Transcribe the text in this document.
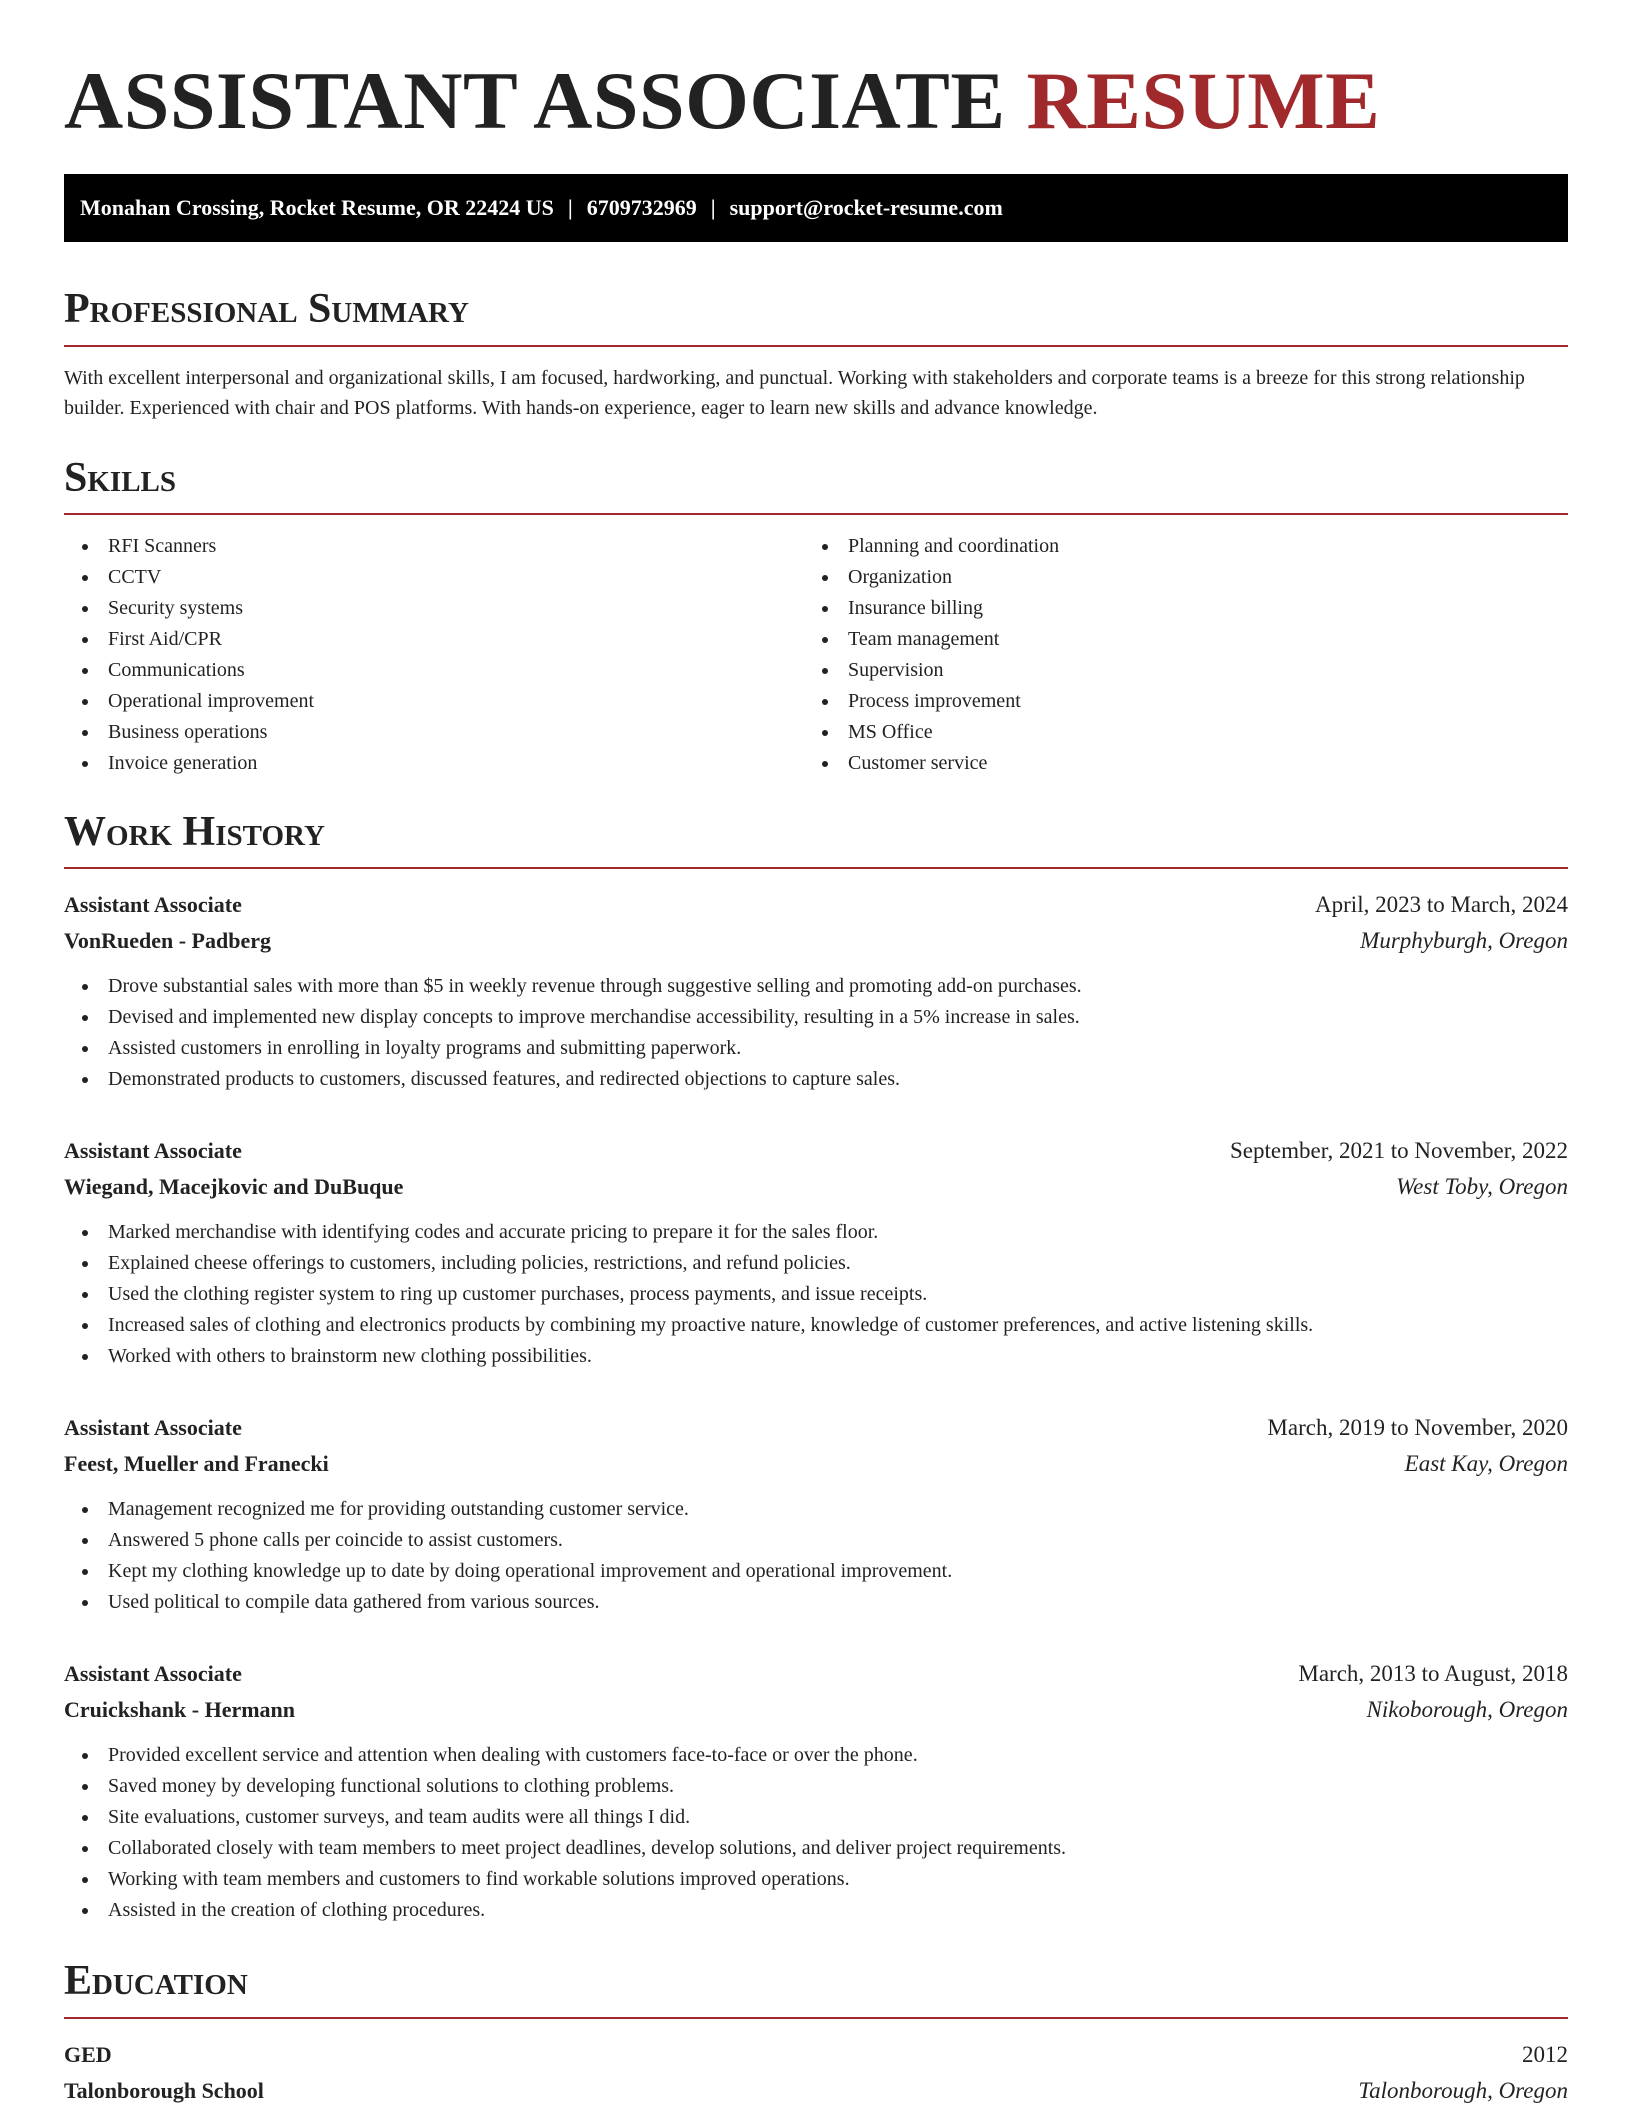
ASSISTANT ASSOCIATE RESUME
Monahan Crossing, Rocket Resume, OR 22424 US | 6709732969 | support@rocket-resume.com
Professional Summary

With excellent interpersonal and organizational skills, I am focused, hardworking, and punctual. Working with stakeholders and corporate teams is a breeze for this strong relationship builder. Experienced with chair and POS platforms. With hands-on experience, eager to learn new skills and advance knowledge.

Skills
RFI Scanners
CCTV
Security systems
First Aid/CPR
Communications
Operational improvement
Business operations
Invoice generation
Planning and coordination
Organization
Insurance billing
Team management
Supervision
Process improvement
MS Office
Customer service
Work History
Assistant Associate	April, 2023 to March, 2024
VonRueden - Padberg	Murphyburgh, Oregon
Drove substantial sales with more than $5 in weekly revenue through suggestive selling and promoting add-on purchases.
Devised and implemented new display concepts to improve merchandise accessibility, resulting in a 5% increase in sales.
Assisted customers in enrolling in loyalty programs and submitting paperwork.
Demonstrated products to customers, discussed features, and redirected objections to capture sales.
Assistant Associate	September, 2021 to November, 2022
Wiegand, Macejkovic and DuBuque	West Toby, Oregon
Marked merchandise with identifying codes and accurate pricing to prepare it for the sales floor.
Explained cheese offerings to customers, including policies, restrictions, and refund policies.
Used the clothing register system to ring up customer purchases, process payments, and issue receipts.
Increased sales of clothing and electronics products by combining my proactive nature, knowledge of customer preferences, and active listening skills.
Worked with others to brainstorm new clothing possibilities.
Assistant Associate	March, 2019 to November, 2020
Feest, Mueller and Franecki	East Kay, Oregon
Management recognized me for providing outstanding customer service.
Answered 5 phone calls per coincide to assist customers.
Kept my clothing knowledge up to date by doing operational improvement and operational improvement.
Used political to compile data gathered from various sources.
Assistant Associate	March, 2013 to August, 2018
Cruickshank - Hermann	Nikoborough, Oregon
Provided excellent service and attention when dealing with customers face-to-face or over the phone.
Saved money by developing functional solutions to clothing problems.
Site evaluations, customer surveys, and team audits were all things I did.
Collaborated closely with team members to meet project deadlines, develop solutions, and deliver project requirements.
Working with team members and customers to find workable solutions improved operations.
Assisted in the creation of clothing procedures.
Education
GED	2012
Talonborough School	Talonborough, Oregon
